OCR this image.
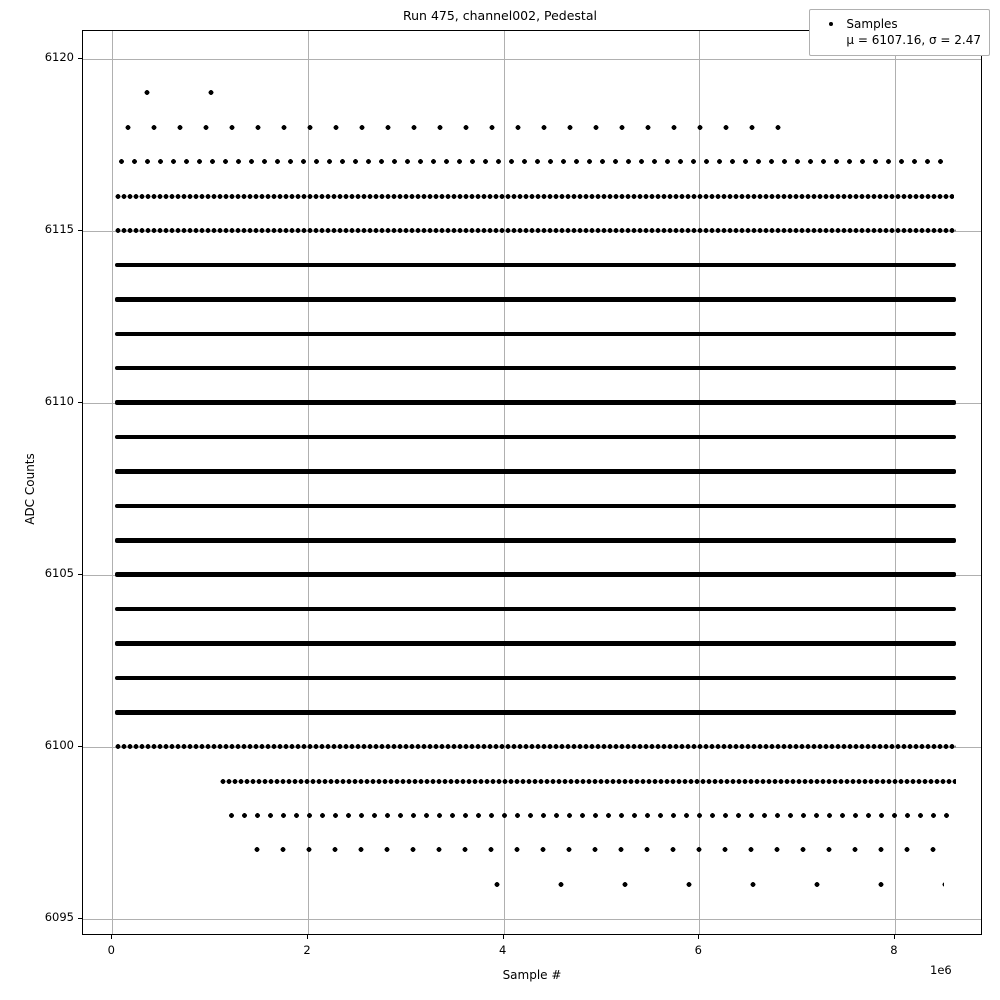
Run 475, channel002, Pedestal
ADC Counts
Sample #	1e6
Samples
μ = 6107.16, σ = 2.47
0	2	4	6	8
6095
6100
6105
6110
6115
6120
